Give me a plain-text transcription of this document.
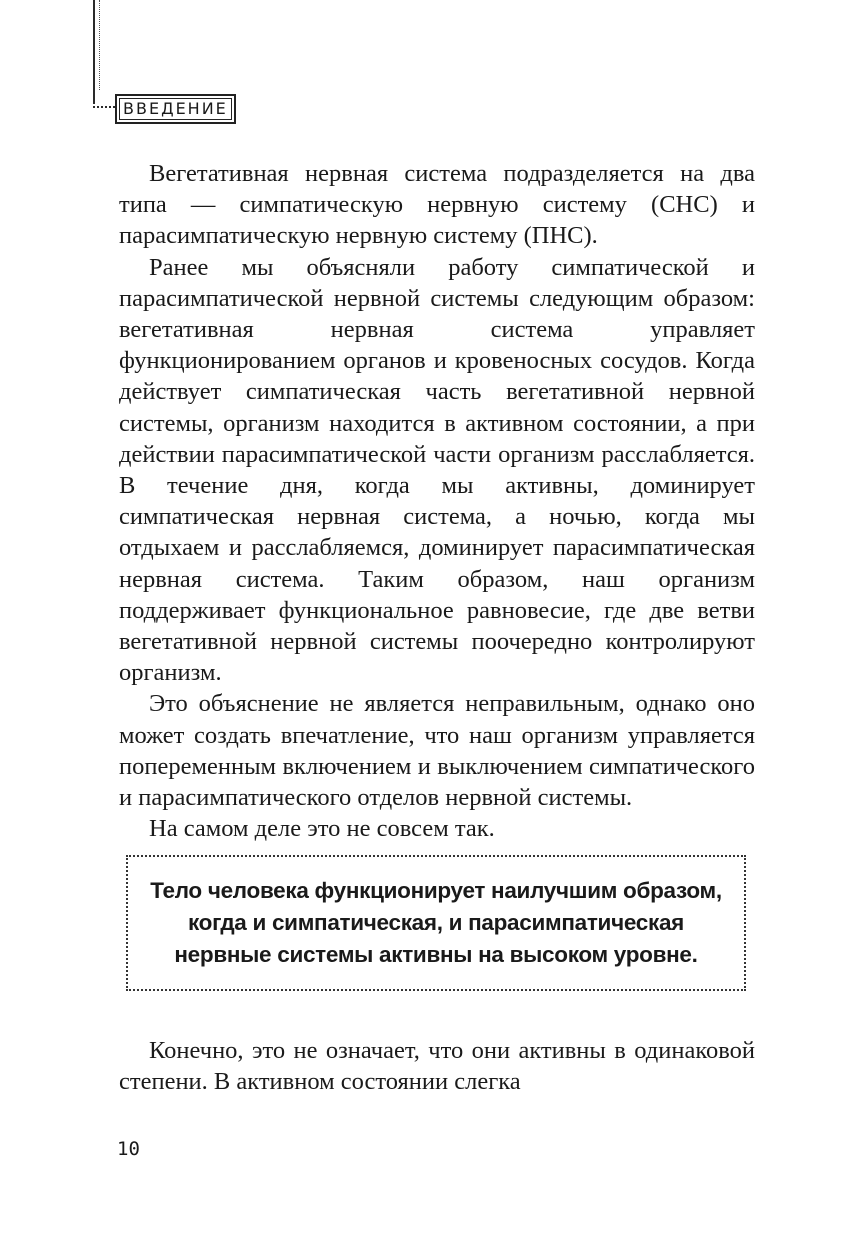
ВВЕДЕНИЕ

Вегетативная нервная система подразделяется на два типа — симпатическую нервную систему (СНС) и парасимпатическую нервную систему (ПНС).

Ранее мы объясняли работу симпатической и парасимпатической нервной системы следующим образом: вегетативная нервная система управляет функционированием органов и кровеносных сосудов. Когда действует симпатическая часть вегетативной нервной системы, организм находится в активном состоянии, а при действии парасимпатической части организм расслабляется. В течение дня, когда мы активны, доминирует симпатическая нервная система, а ночью, когда мы отдыхаем и расслабляемся, доминирует парасимпатическая нервная система. Таким образом, наш организм поддерживает функциональное равновесие, где две ветви вегетативной нервной системы поочередно контролируют организм.

Это объяснение не является неправильным, однако оно может создать впечатление, что наш организм управляется попеременным включением и выключением симпатического и парасимпатического отделов нервной системы.

На самом деле это не совсем так.

Тело человека функционирует наилучшим образом,
когда и симпатическая, и парасимпатическая
нервные системы активны на высоком уровне.

Конечно, это не означает, что они активны в одинаковой степени. В активном состоянии слегка

10
